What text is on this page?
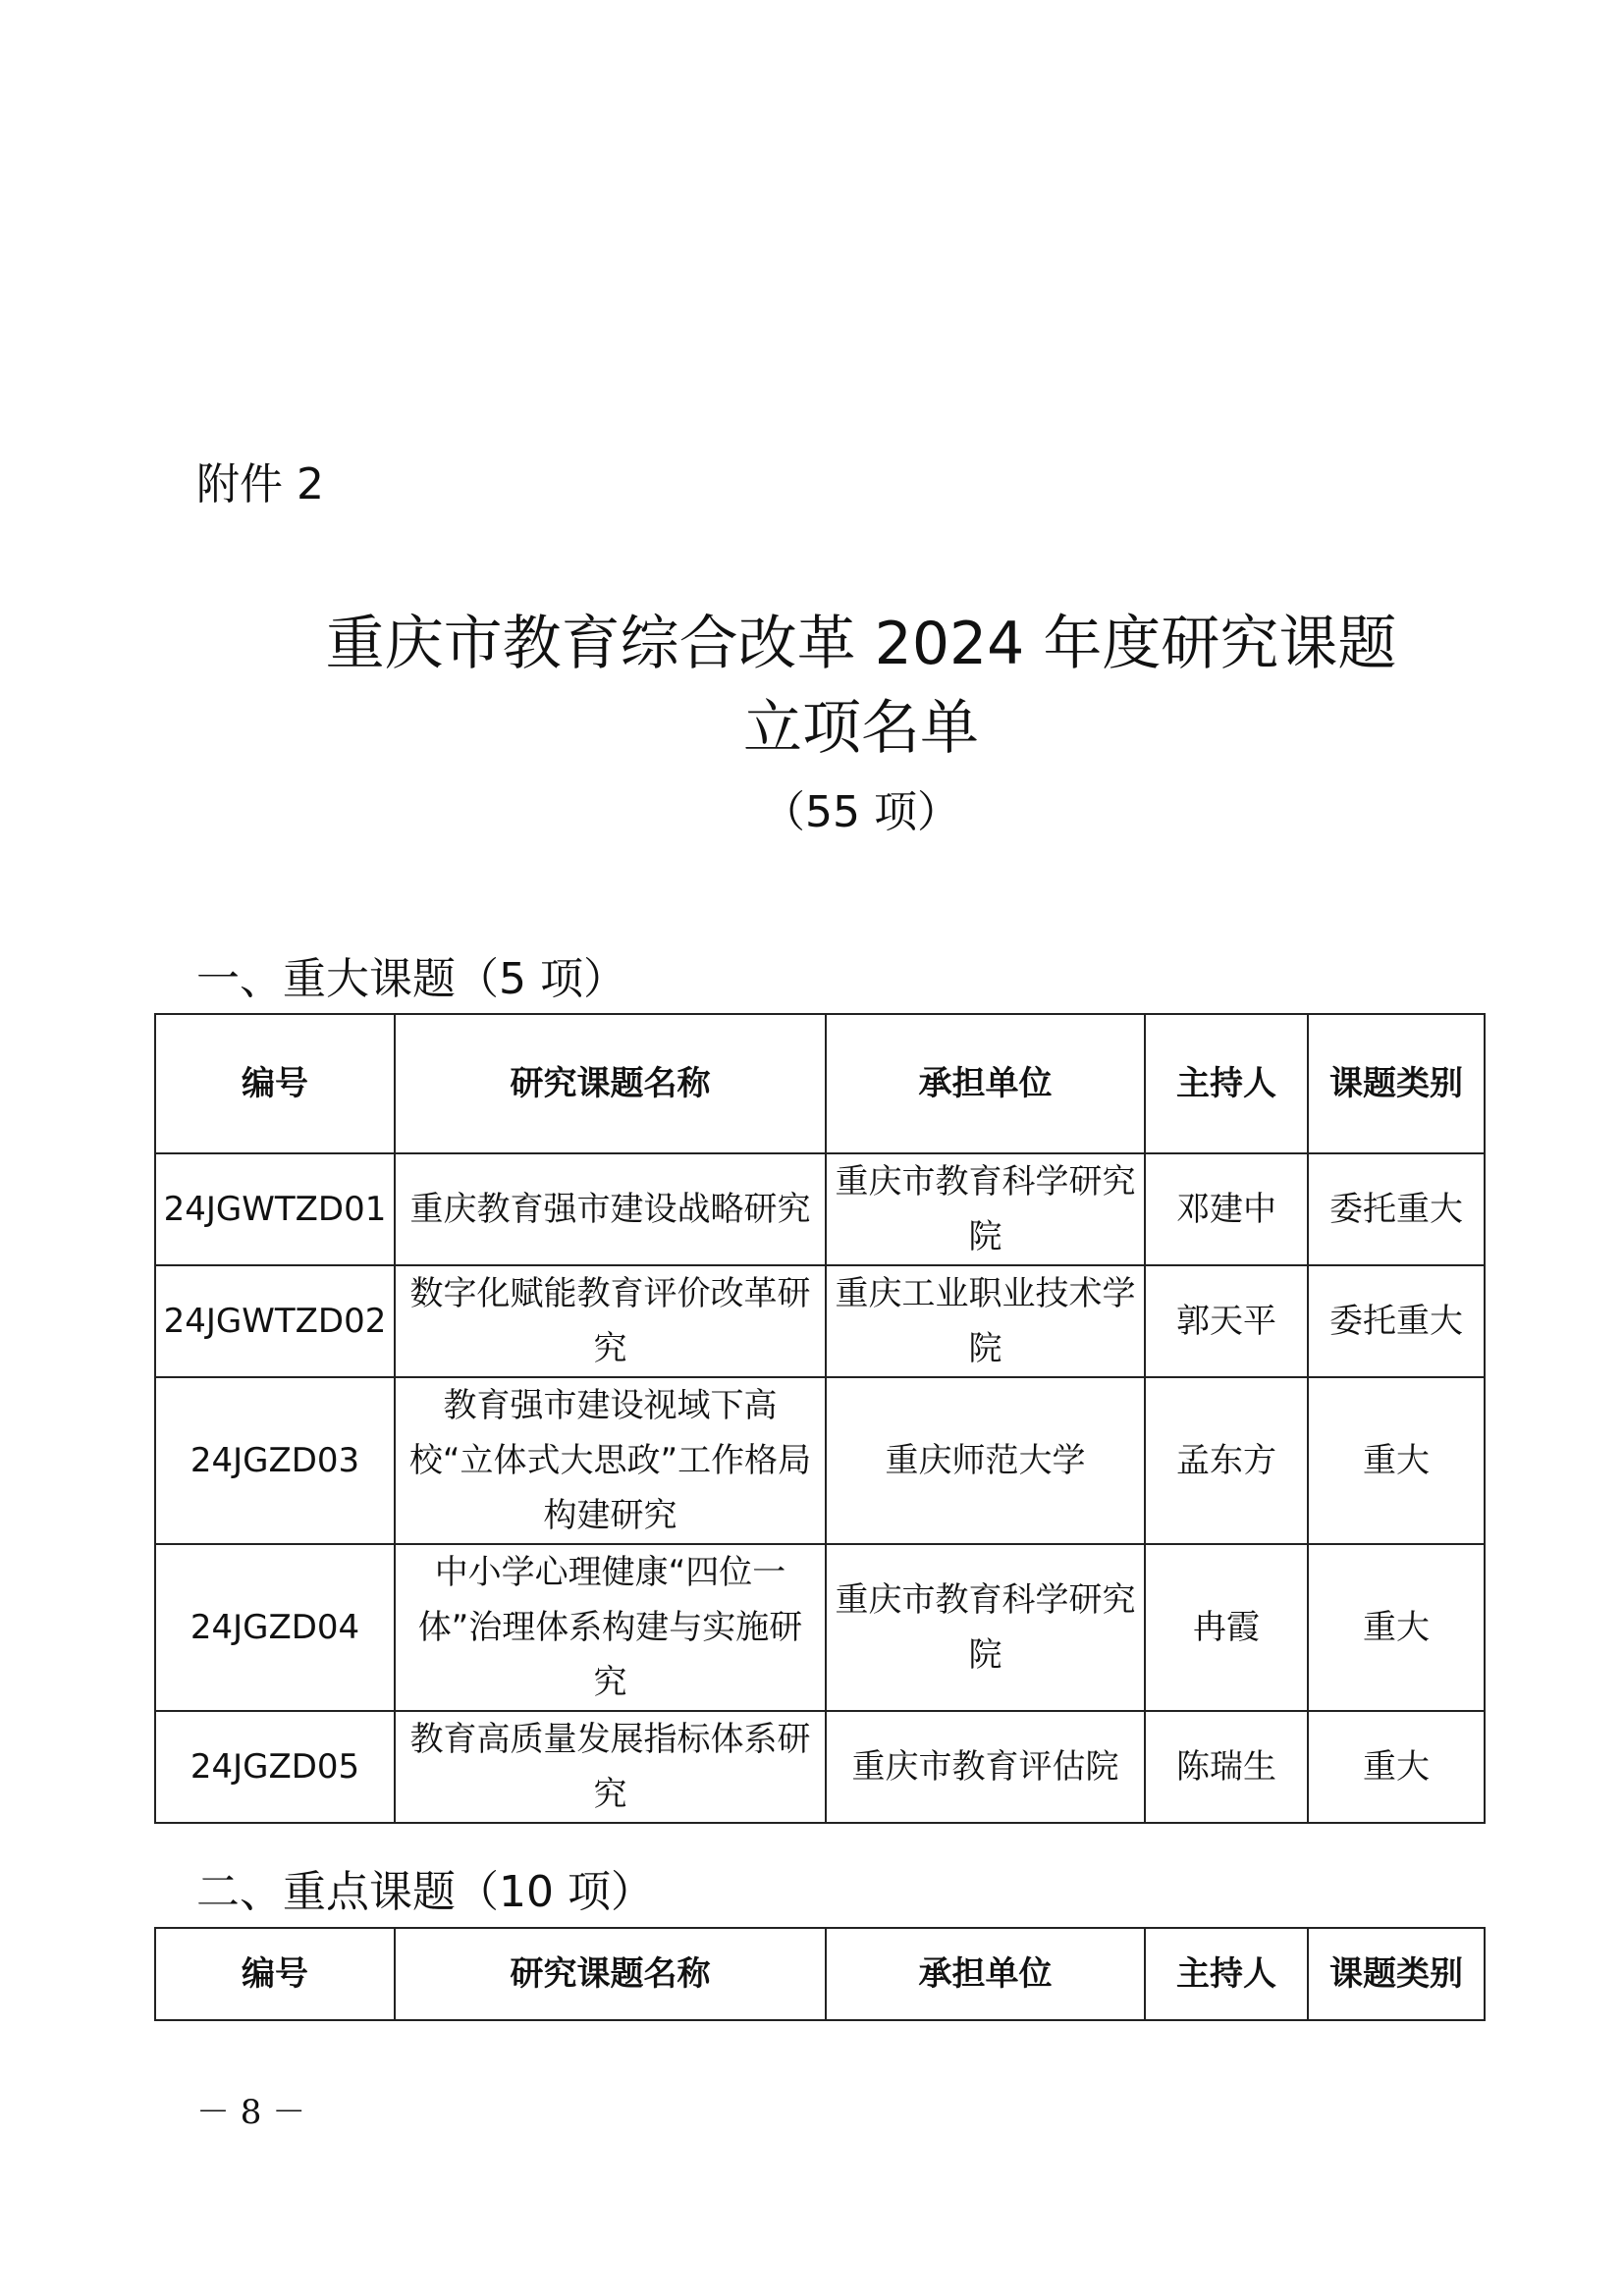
附件 2
重庆市教育综合改革 2024 年度研究课题
立项名单
（55 项）
一、重大课题（5 项）
编号	研究课题名称	承担单位	主持人	课题类别
24JGWTZD01	重庆教育强市建设战略研究	重庆市教育科学研究院	邓建中	委托重大
24JGWTZD02	数字化赋能教育评价改革研究	重庆工业职业技术学院	郭天平	委托重大
24JGZD03	教育强市建设视域下高校“立体式大思政”工作格局构建研究	重庆师范大学	孟东方	重大
24JGZD04	中小学心理健康“四位一体”治理体系构建与实施研究	重庆市教育科学研究院	冉霞	重大
24JGZD05	教育高质量发展指标体系研究	重庆市教育评估院	陈瑞生	重大
二、重点课题（10 项）
编号	研究课题名称	承担单位	主持人	课题类别
－ 8 －
